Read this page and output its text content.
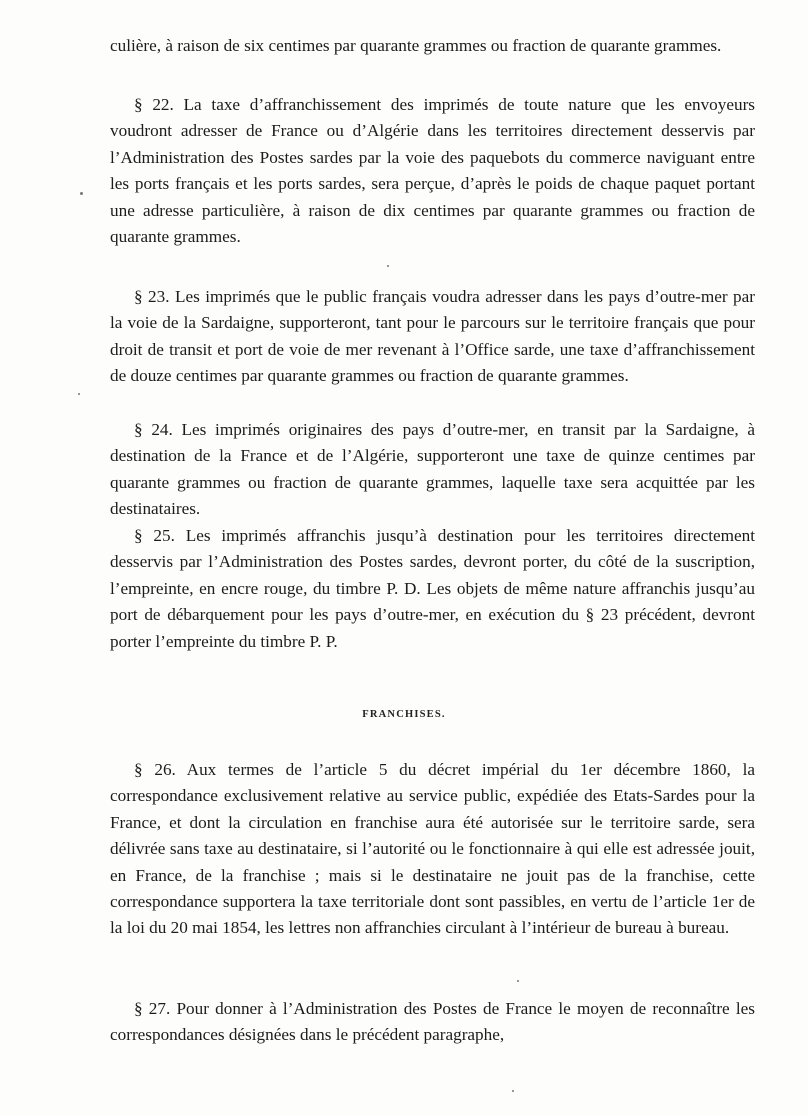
culière, à raison de six centimes par quarante grammes ou fraction de quarante grammes.

§ 22. La taxe d’affranchissement des imprimés de toute nature que les envoyeurs voudront adresser de France ou d’Algérie dans les territoires directement desservis par l’Administration des Postes sardes par la voie des paquebots du commerce naviguant entre les ports français et les ports sardes, sera perçue, d’après le poids de chaque paquet portant une adresse particulière, à raison de dix centimes par quarante grammes ou fraction de quarante grammes.

§ 23. Les imprimés que le public français voudra adresser dans les pays d’outre-mer par la voie de la Sardaigne, supporteront, tant pour le parcours sur le territoire français que pour droit de transit et port de voie de mer revenant à l’Office sarde, une taxe d’affranchissement de douze centimes par quarante grammes ou fraction de quarante grammes.

§ 24. Les imprimés originaires des pays d’outre-mer, en transit par la Sardaigne, à destination de la France et de l’Algérie, supporteront une taxe de quinze centimes par quarante grammes ou fraction de quarante grammes, laquelle taxe sera acquittée par les destinataires.

§ 25. Les imprimés affranchis jusqu’à destination pour les territoires directement desservis par l’Administration des Postes sardes, devront porter, du côté de la suscription, l’empreinte, en encre rouge, du timbre P. D. Les objets de même nature affranchis jusqu’au port de débarquement pour les pays d’outre-mer, en exécution du § 23 précédent, devront porter l’empreinte du timbre P. P.

FRANCHISES.

§ 26. Aux termes de l’article 5 du décret impérial du 1er décembre 1860, la correspondance exclusivement relative au service public, expédiée des Etats-Sardes pour la France, et dont la circulation en franchise aura été autorisée sur le territoire sarde, sera délivrée sans taxe au destinataire, si l’autorité ou le fonctionnaire à qui elle est adressée jouit, en France, de la franchise ; mais si le destinataire ne jouit pas de la franchise, cette correspondance supportera la taxe territoriale dont sont passibles, en vertu de l’article 1er de la loi du 20 mai 1854, les lettres non affranchies circulant à l’intérieur de bureau à bureau.

§ 27. Pour donner à l’Administration des Postes de France le moyen de reconnaître les correspondances désignées dans le précédent paragraphe,
